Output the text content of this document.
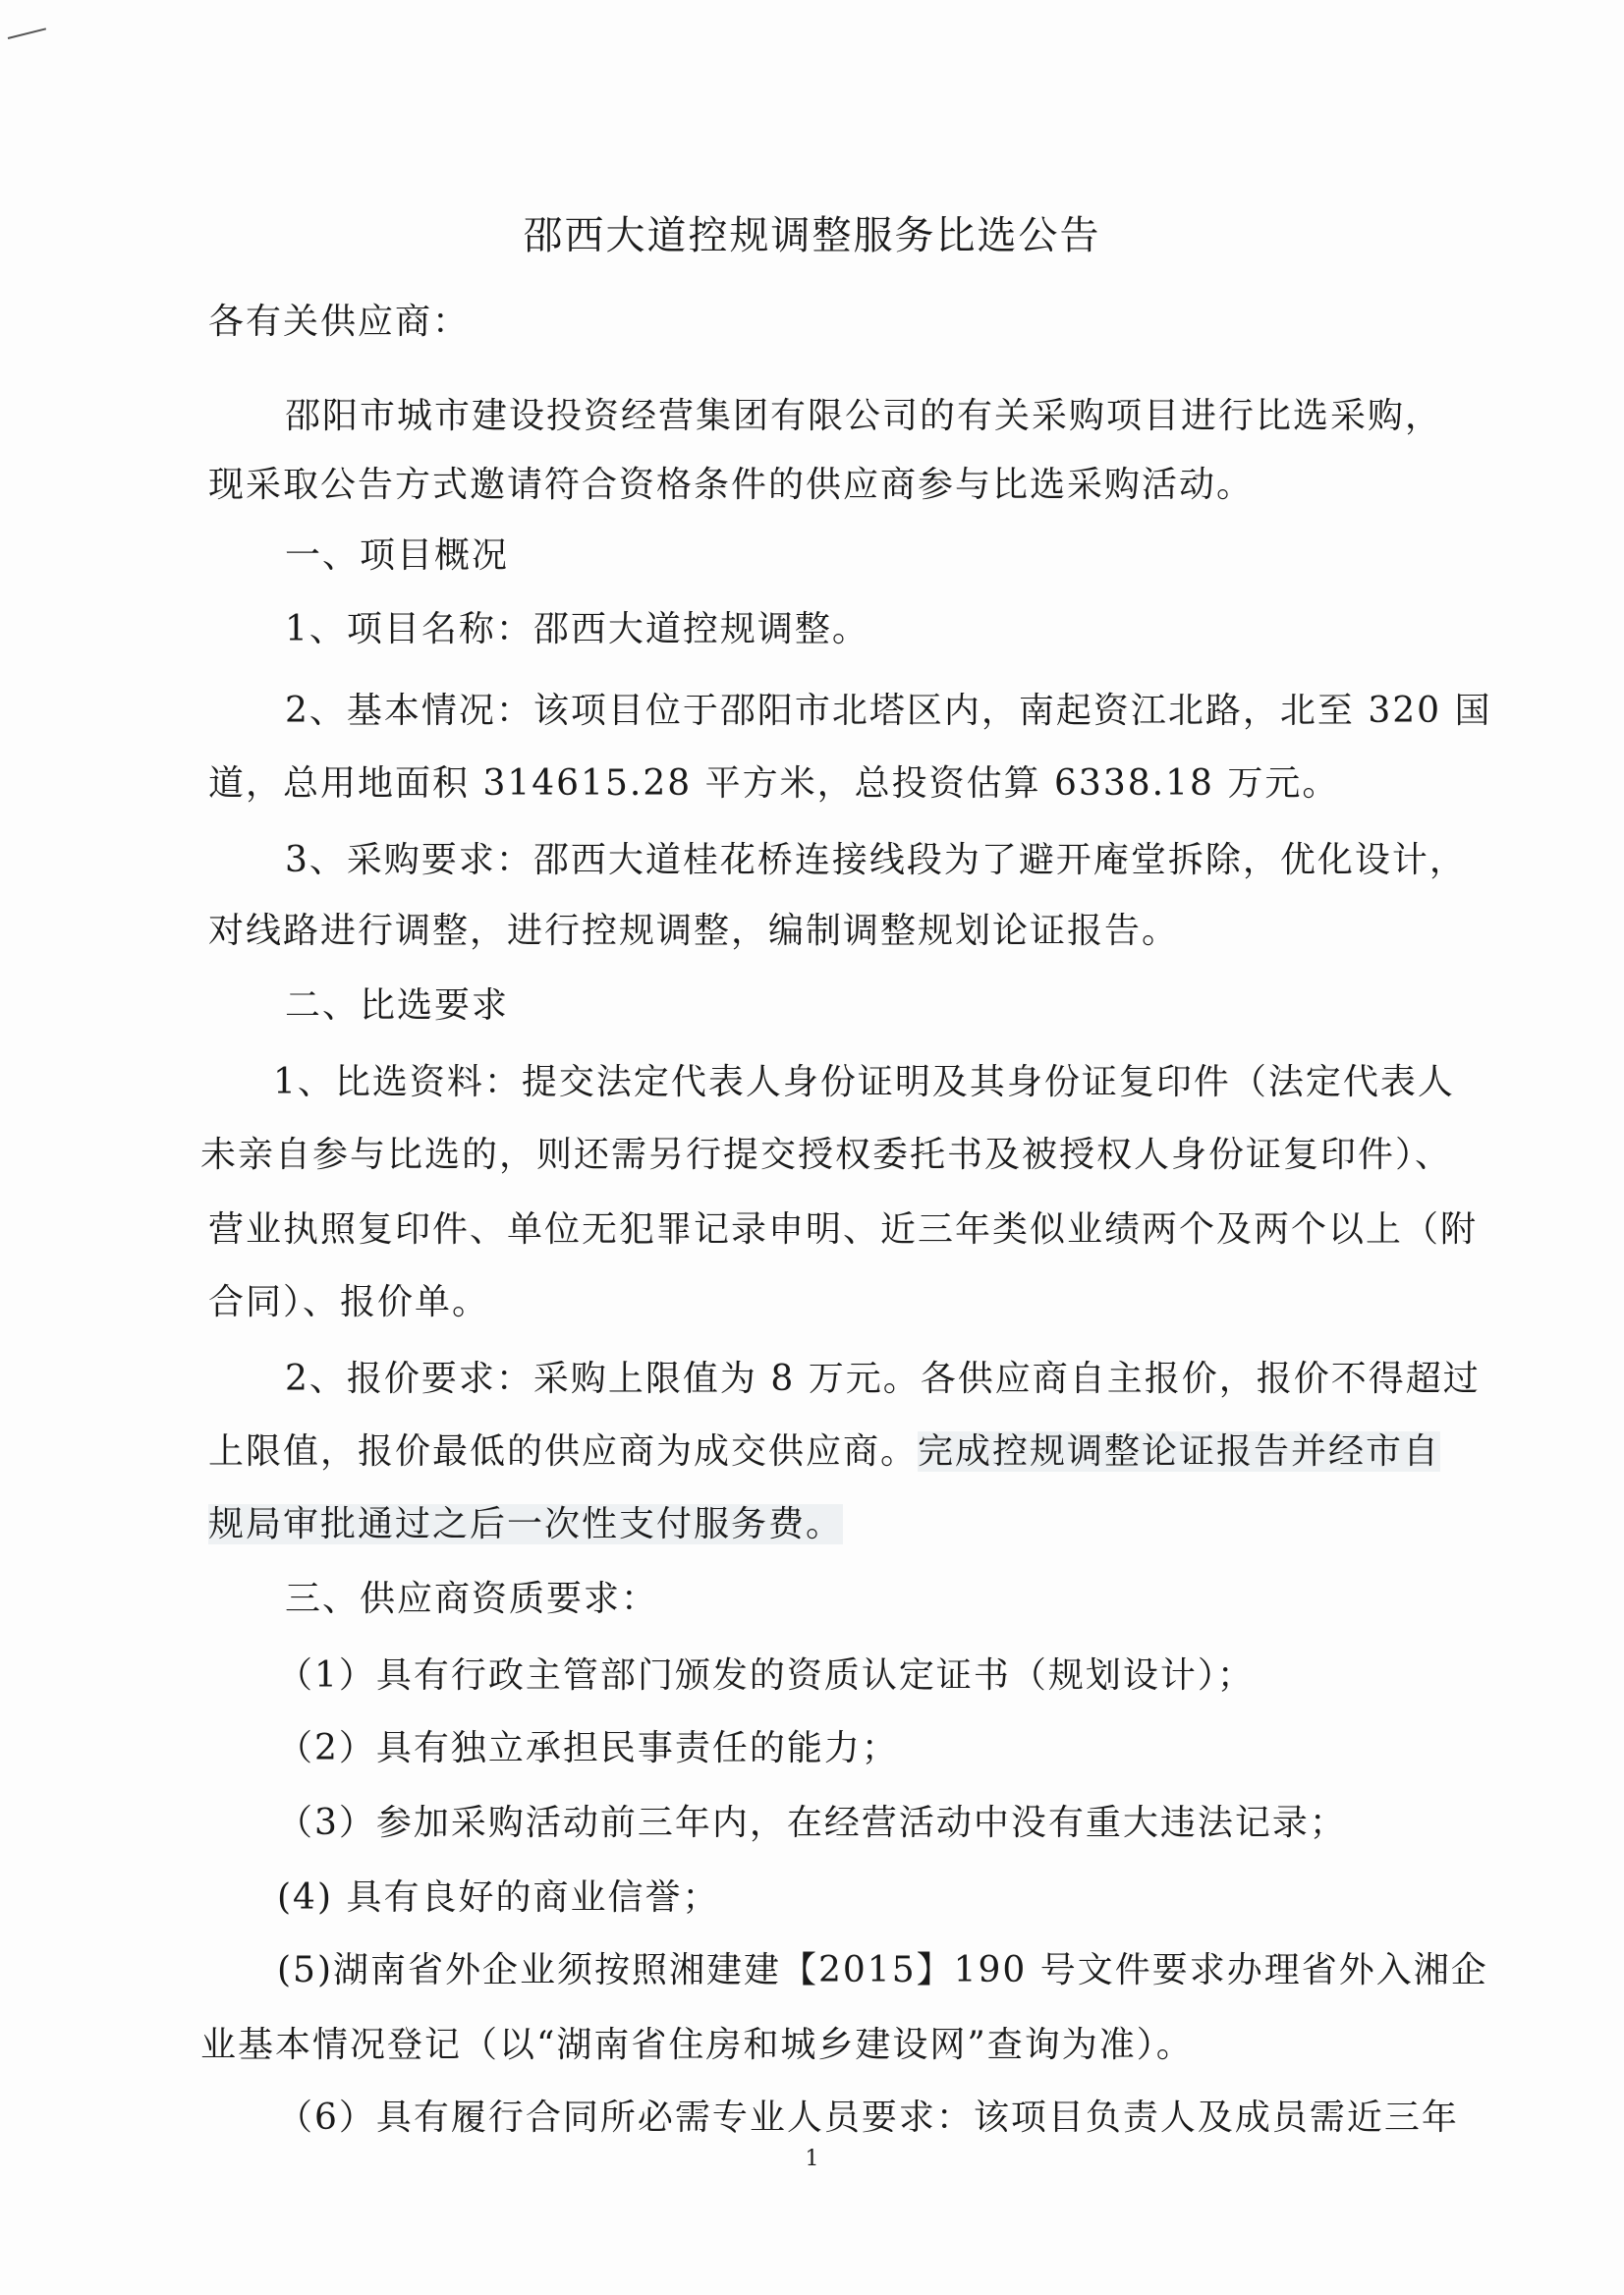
邵西大道控规调整服务比选公告
各有关供应商：
邵阳市城市建设投资经营集团有限公司的有关采购项目进行比选采购，
现采取公告方式邀请符合资格条件的供应商参与比选采购活动。
一、项目概况
1、项目名称：邵西大道控规调整。
2、基本情况：该项目位于邵阳市北塔区内，南起资江北路，北至 320 国
道，总用地面积 314615.28 平方米，总投资估算 6338.18 万元。
3、采购要求：邵西大道桂花桥连接线段为了避开庵堂拆除，优化设计，
对线路进行调整，进行控规调整，编制调整规划论证报告。
二、比选要求
1、比选资料：提交法定代表人身份证明及其身份证复印件（法定代表人
未亲自参与比选的，则还需另行提交授权委托书及被授权人身份证复印件）、
营业执照复印件、单位无犯罪记录申明、近三年类似业绩两个及两个以上（附
合同）、报价单。
2、报价要求：采购上限值为 8 万元。各供应商自主报价，报价不得超过
上限值，报价最低的供应商为成交供应商。完成控规调整论证报告并经市自
规局审批通过之后一次性支付服务费。
三、供应商资质要求：
（1）具有行政主管部门颁发的资质认定证书（规划设计）；
（2）具有独立承担民事责任的能力；
（3）参加采购活动前三年内，在经营活动中没有重大违法记录；
(4) 具有良好的商业信誉；
(5)湖南省外企业须按照湘建建【2015】190 号文件要求办理省外入湘企
业基本情况登记（以“湖南省住房和城乡建设网”查询为准）。
（6）具有履行合同所必需专业人员要求：该项目负责人及成员需近三年
1
